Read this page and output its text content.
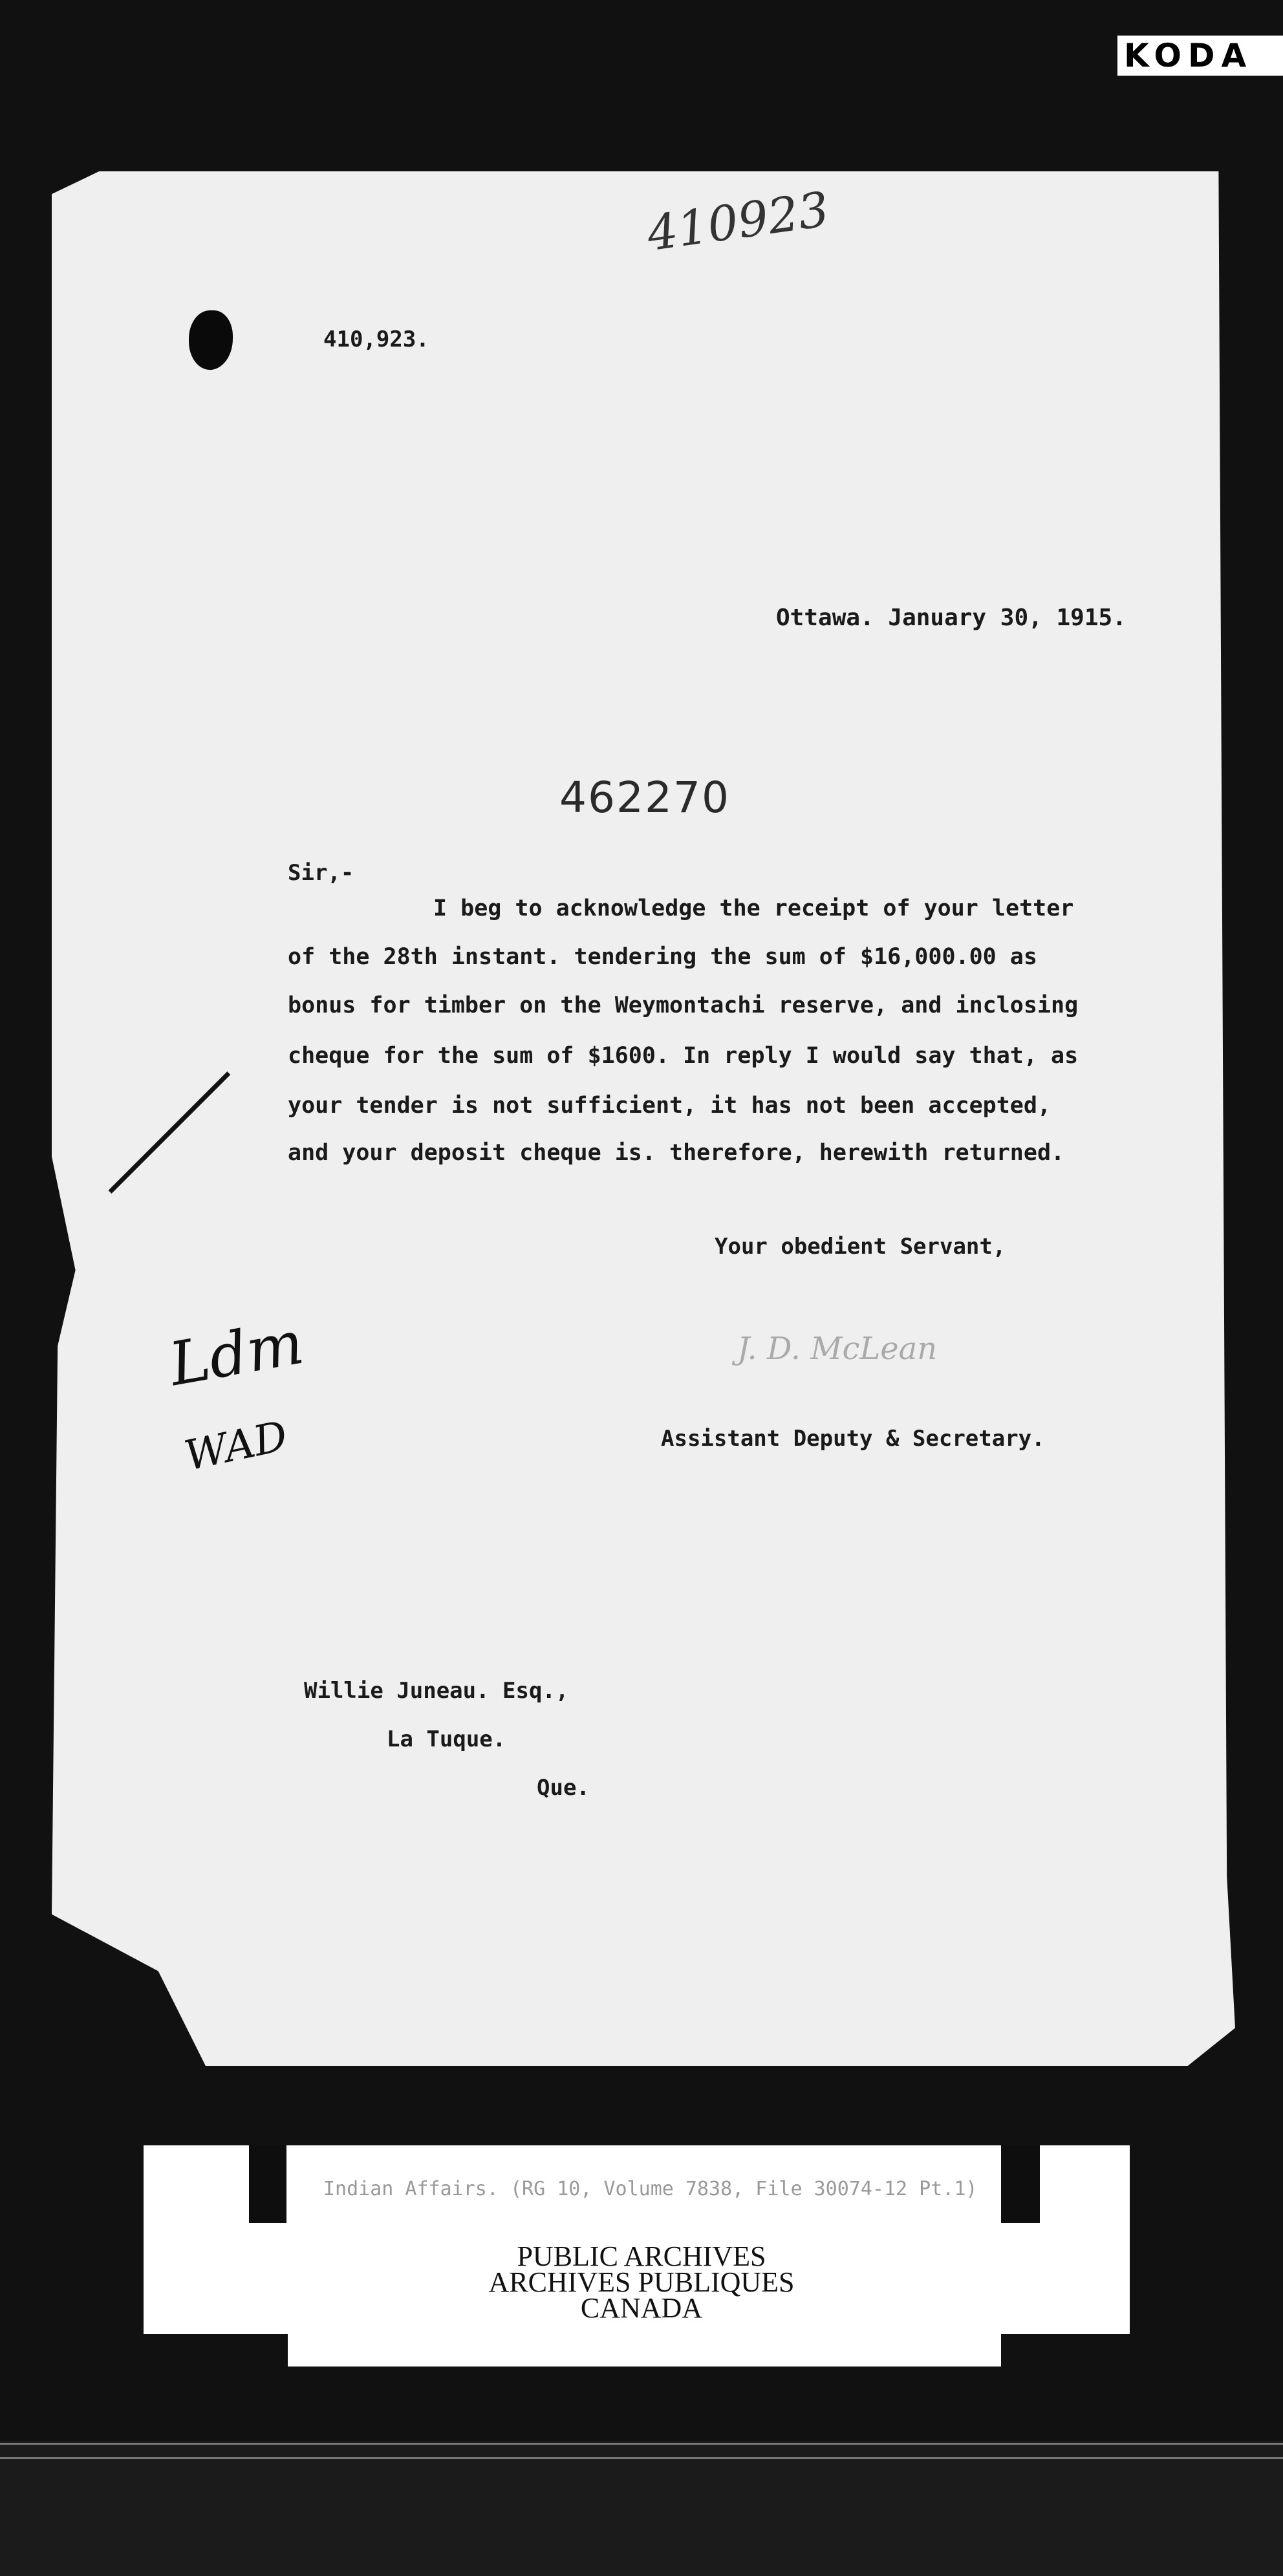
KODA
410923
410,923.
Ottawa. January 30, 1915.
462270
Sir,-
I beg to acknowledge the receipt of your letter
of the 28th instant. tendering the sum of $16,000.00 as
bonus for timber on the Weymontachi reserve, and inclosing
cheque for the sum of $1600. In reply I would say that, as
your tender is not sufficient, it has not been accepted,
and your deposit cheque is. therefore, herewith returned.
Your obedient Servant,
J. D. McLean
Assistant Deputy & Secretary.
Willie Juneau. Esq.,
La Tuque.
Que.
Ldm
WAD
Indian Affairs. (RG 10, Volume 7838, File 30074-12 Pt.1)
PUBLIC ARCHIVES
ARCHIVES PUBLIQUES
CANADA
